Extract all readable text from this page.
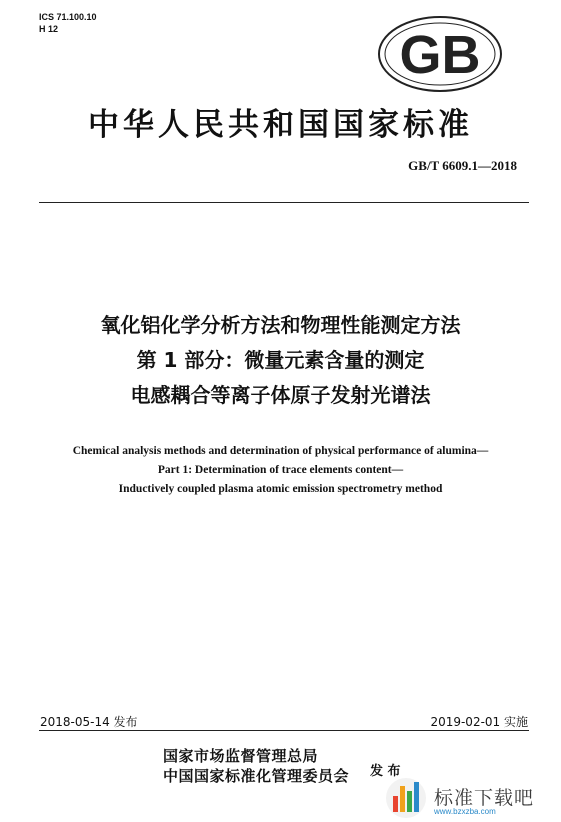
ICS 71.100.10
H 12	GB
中华人民共和国国家标准
GB/T 6609.1—2018
氧化铝化学分析方法和物理性能测定方法
第 1 部分：微量元素含量的测定
电感耦合等离子体原子发射光谱法
Chemical analysis methods and determination of physical performance of alumina—
Part 1: Determination of trace elements content—
Inductively coupled plasma atomic emission spectrometry method
2018-05-14 发布	2019-02-01 实施
国家市场监督管理总局
中国国家标准化管理委员会 发 布
标准下载吧
www.bzxzba.com
